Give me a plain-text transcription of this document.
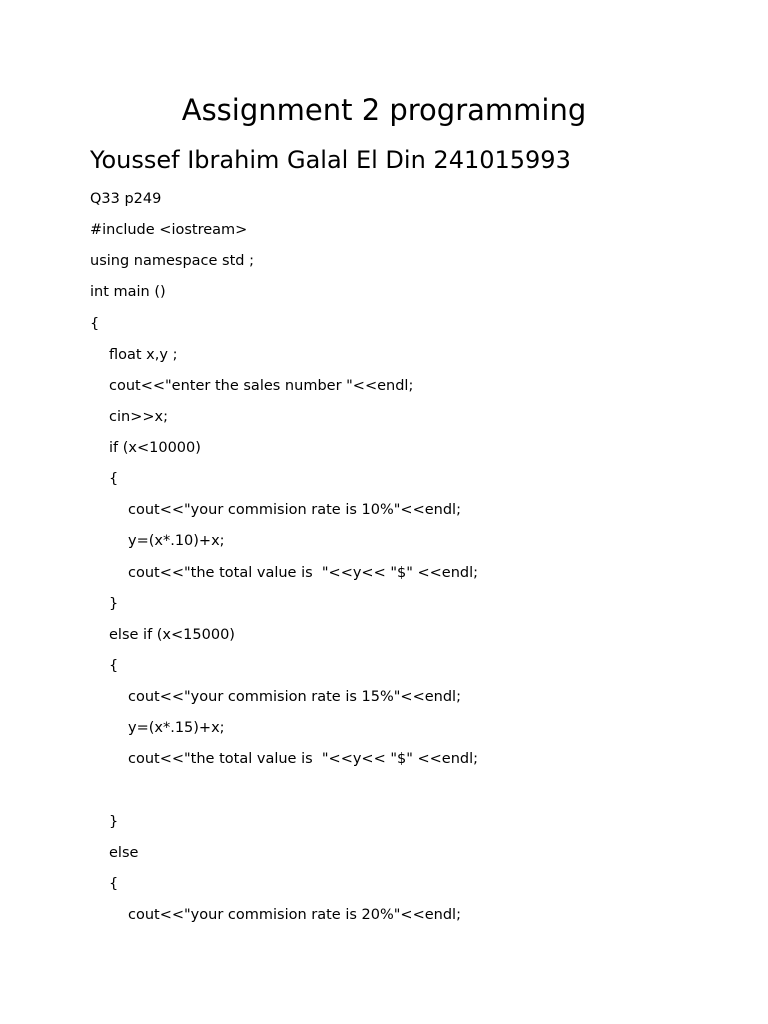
Assignment 2 programming
Youssef Ibrahim Galal El Din 241015993
Q33 p249
#include <iostream>
using namespace std ;
int main ()
{
float x,y ;
cout<<"enter the sales number "<<endl;
cin>>x;
if (x<10000)
{
cout<<"your commision rate is 10%"<<endl;
y=(x*.10)+x;
cout<<"the total value is  "<<y<< "$" <<endl;
}
else if (x<15000)
{
cout<<"your commision rate is 15%"<<endl;
y=(x*.15)+x;
cout<<"the total value is  "<<y<< "$" <<endl;
}
else
{
cout<<"your commision rate is 20%"<<endl;
